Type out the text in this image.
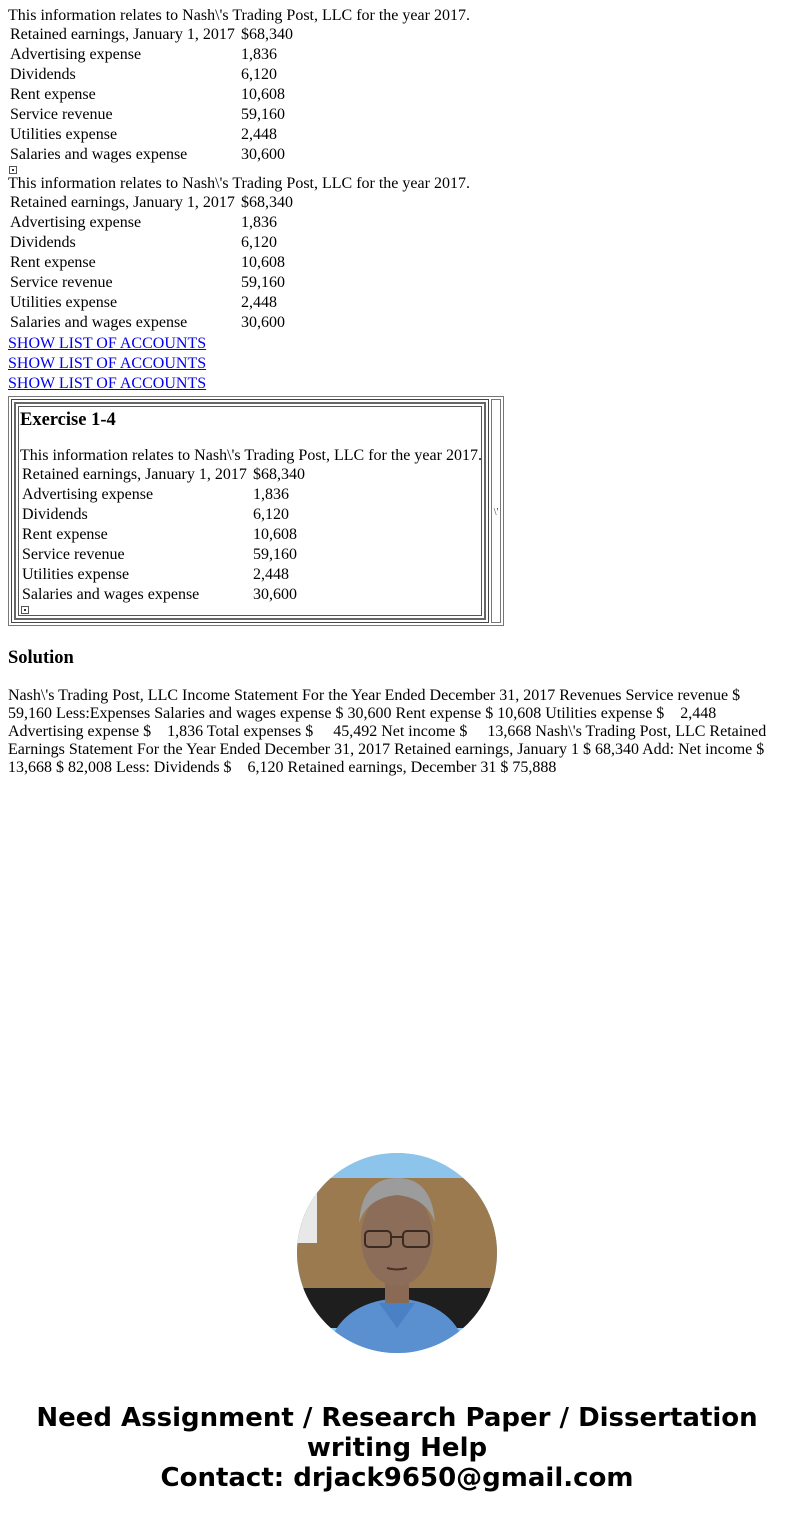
This information relates to Nash\'s Trading Post, LLC for the year 2017.
Retained earnings, January 1, 2017	$68,340
Advertising expense	1,836
Dividends	6,120
Rent expense	10,608
Service revenue	59,160
Utilities expense	2,448
Salaries and wages expense	30,600
This information relates to Nash\'s Trading Post, LLC for the year 2017.
Retained earnings, January 1, 2017	$68,340
Advertising expense	1,836
Dividends	6,120
Rent expense	10,608
Service revenue	59,160
Utilities expense	2,448
Salaries and wages expense	30,600
SHOW LIST OF ACCOUNTS
SHOW LIST OF ACCOUNTS
SHOW LIST OF ACCOUNTS
Exercise 1-4
This information relates to Nash\'s Trading Post, LLC for the year 2017.
Retained earnings, January 1, 2017	$68,340
Advertising expense	1,836
Dividends	6,120
Rent expense	10,608
Service revenue	59,160
Utilities expense	2,448
Salaries and wages expense	30,600
\'
Solution
Nash\'s Trading Post, LLC Income Statement For the Year Ended December 31, 2017 Revenues Service revenue $ 59,160 Less:Expenses Salaries and wages expense $ 30,600 Rent expense $ 10,608 Utilities expense $    2,448 Advertising expense $    1,836 Total expenses $     45,492 Net income $     13,668 Nash\'s Trading Post, LLC Retained Earnings Statement For the Year Ended December 31, 2017 Retained earnings, January 1 $ 68,340 Add: Net income $ 13,668 $ 82,008 Less: Dividends $    6,120 Retained earnings, December 31 $ 75,888
Need Assignment / Research Paper / Dissertation
writing Help
Contact: drjack9650@gmail.com
